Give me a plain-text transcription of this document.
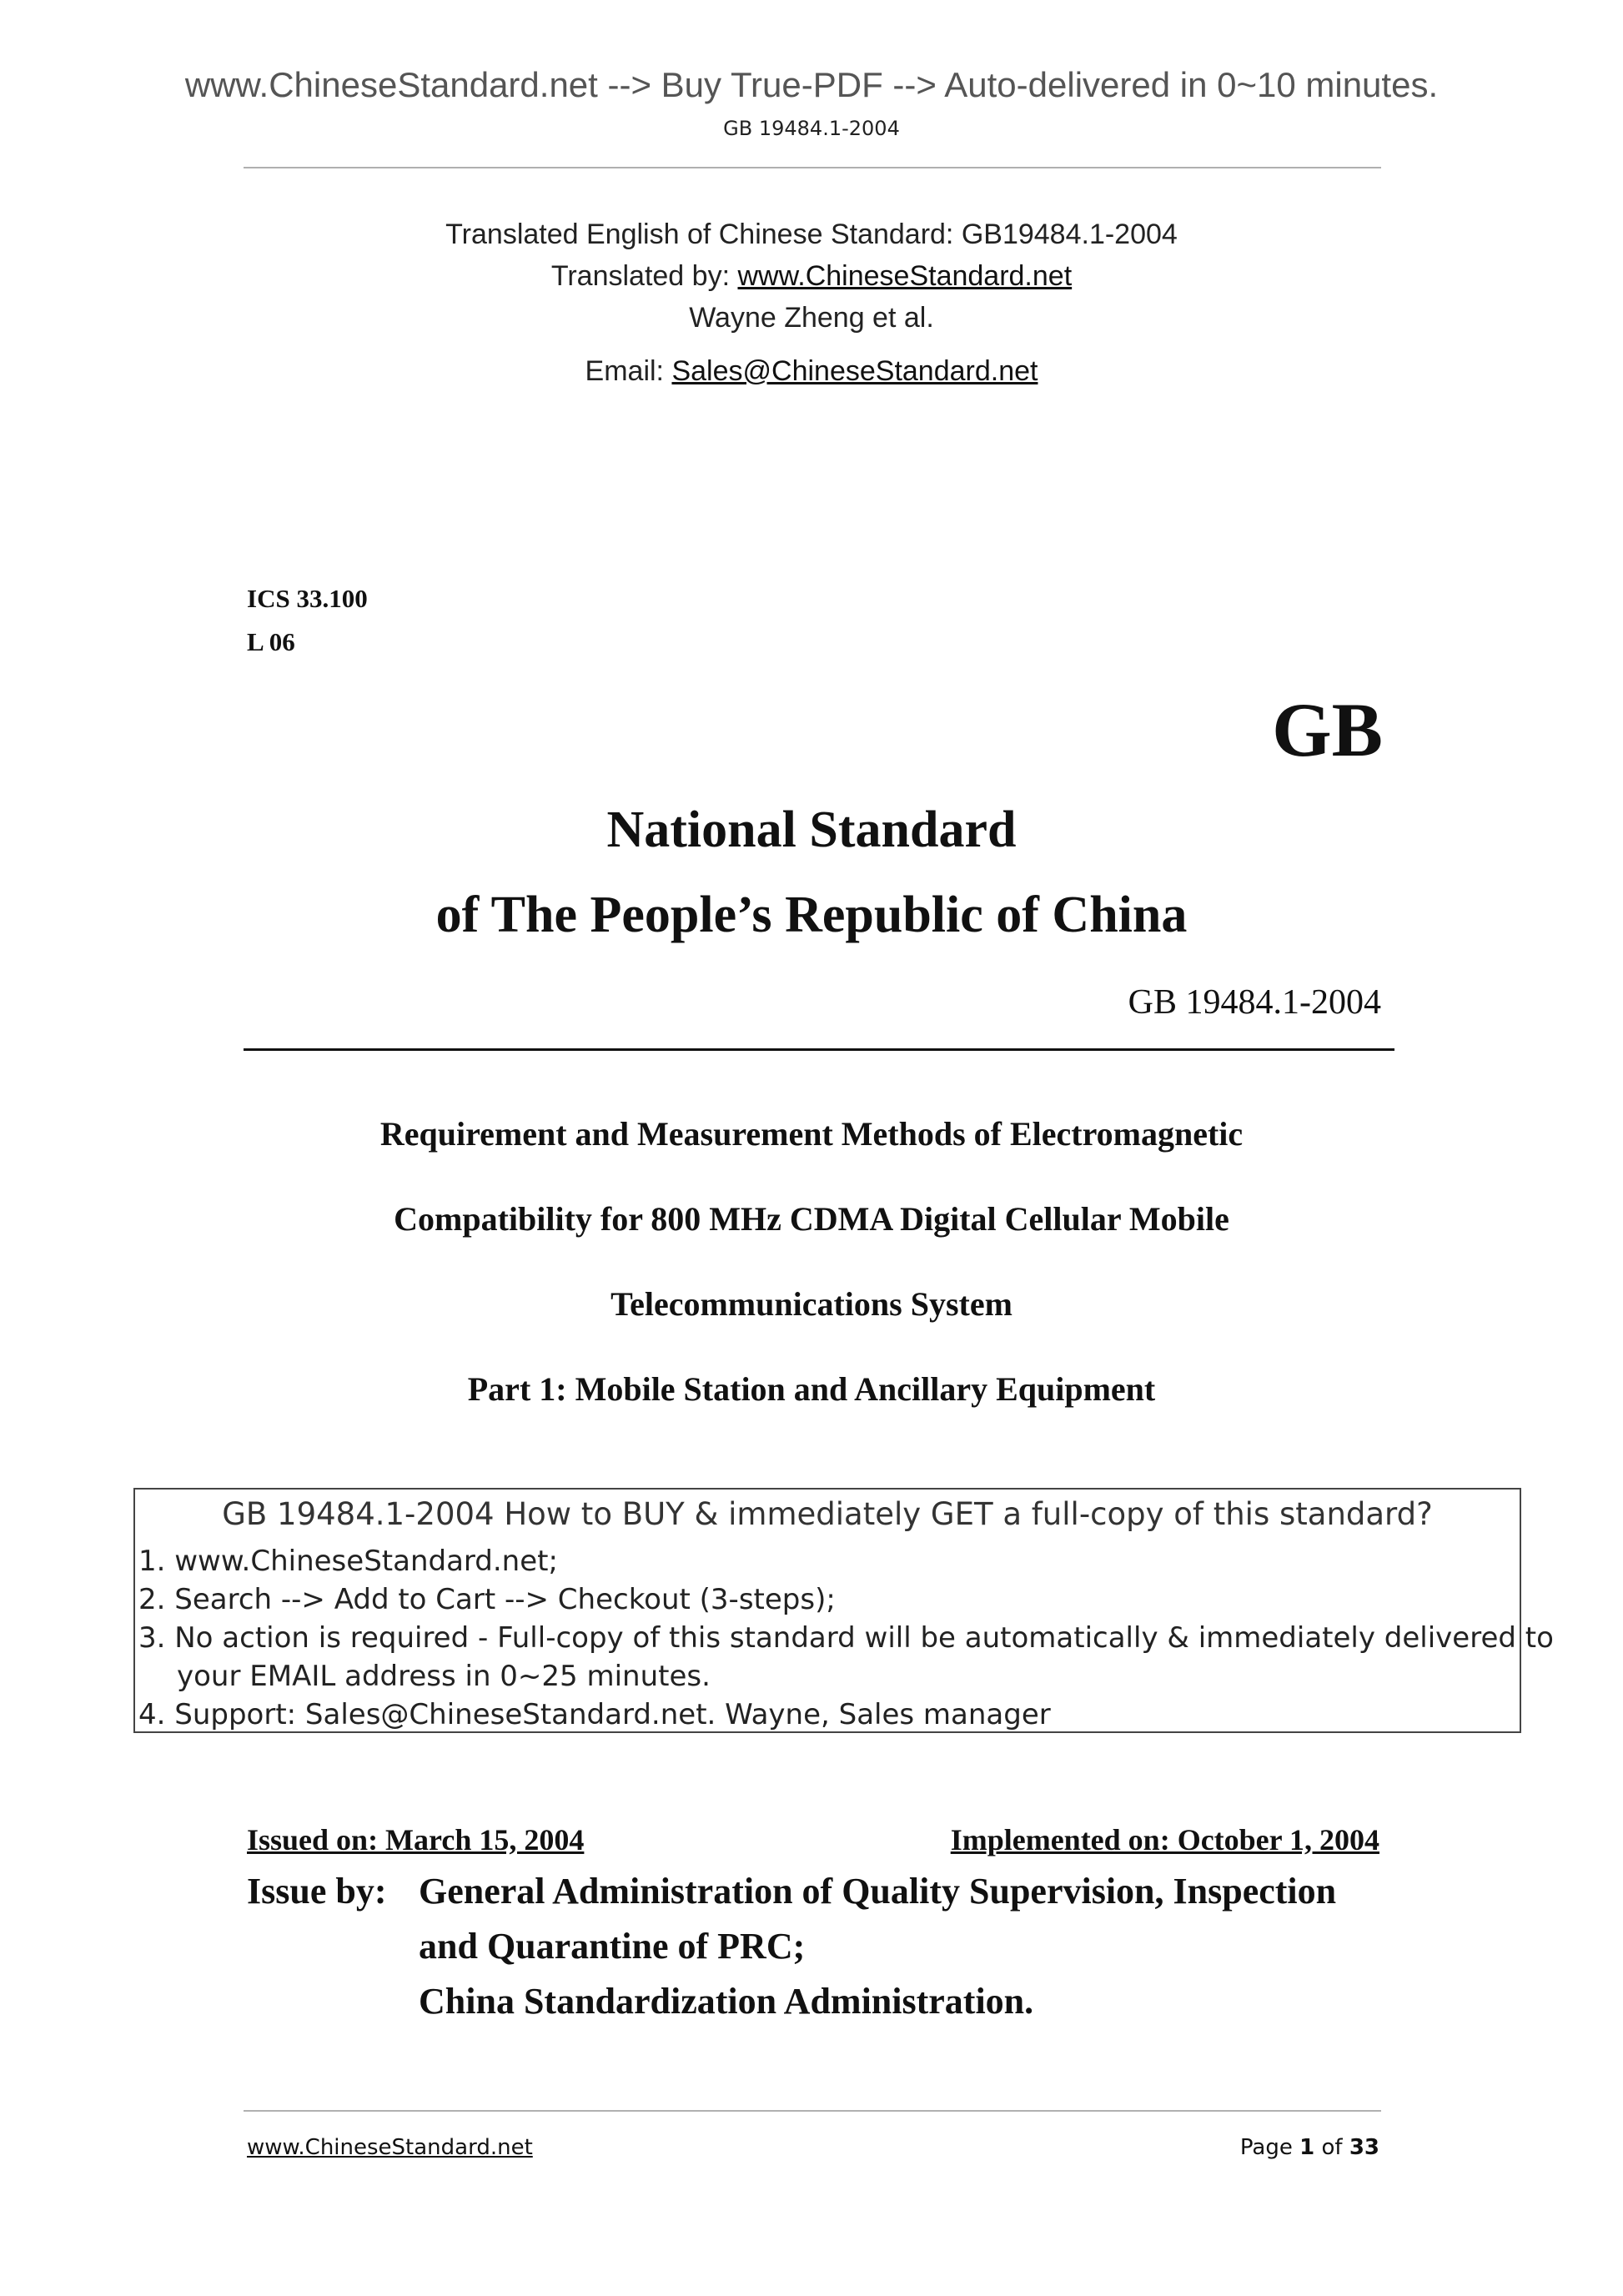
www.ChineseStandard.net --> Buy True-PDF --> Auto-delivered in 0~10 minutes.
GB 19484.1-2004
Translated English of Chinese Standard: GB19484.1-2004
Translated by: www.ChineseStandard.net
Wayne Zheng et al.
Email: Sales@ChineseStandard.net
ICS 33.100
L 06
GB
National Standard
of The People’s Republic of China
GB 19484.1-2004
Requirement and Measurement Methods of Electromagnetic
Compatibility for 800 MHz CDMA Digital Cellular Mobile
Telecommunications System
Part 1: Mobile Station and Ancillary Equipment
GB 19484.1-2004 How to BUY & immediately GET a full-copy of this standard?
1. www.ChineseStandard.net;
2. Search --> Add to Cart --> Checkout (3-steps);
3. No action is required - Full-copy of this standard will be automatically & immediately delivered to
your EMAIL address in 0~25 minutes.
4. Support: Sales@ChineseStandard.net. Wayne, Sales manager
Issued on: March 15, 2004	Implemented on: October 1, 2004
Issue by: General Administration of Quality Supervision, Inspection
and Quarantine of PRC;
China Standardization Administration.
www.ChineseStandard.net	Page 1 of 33
